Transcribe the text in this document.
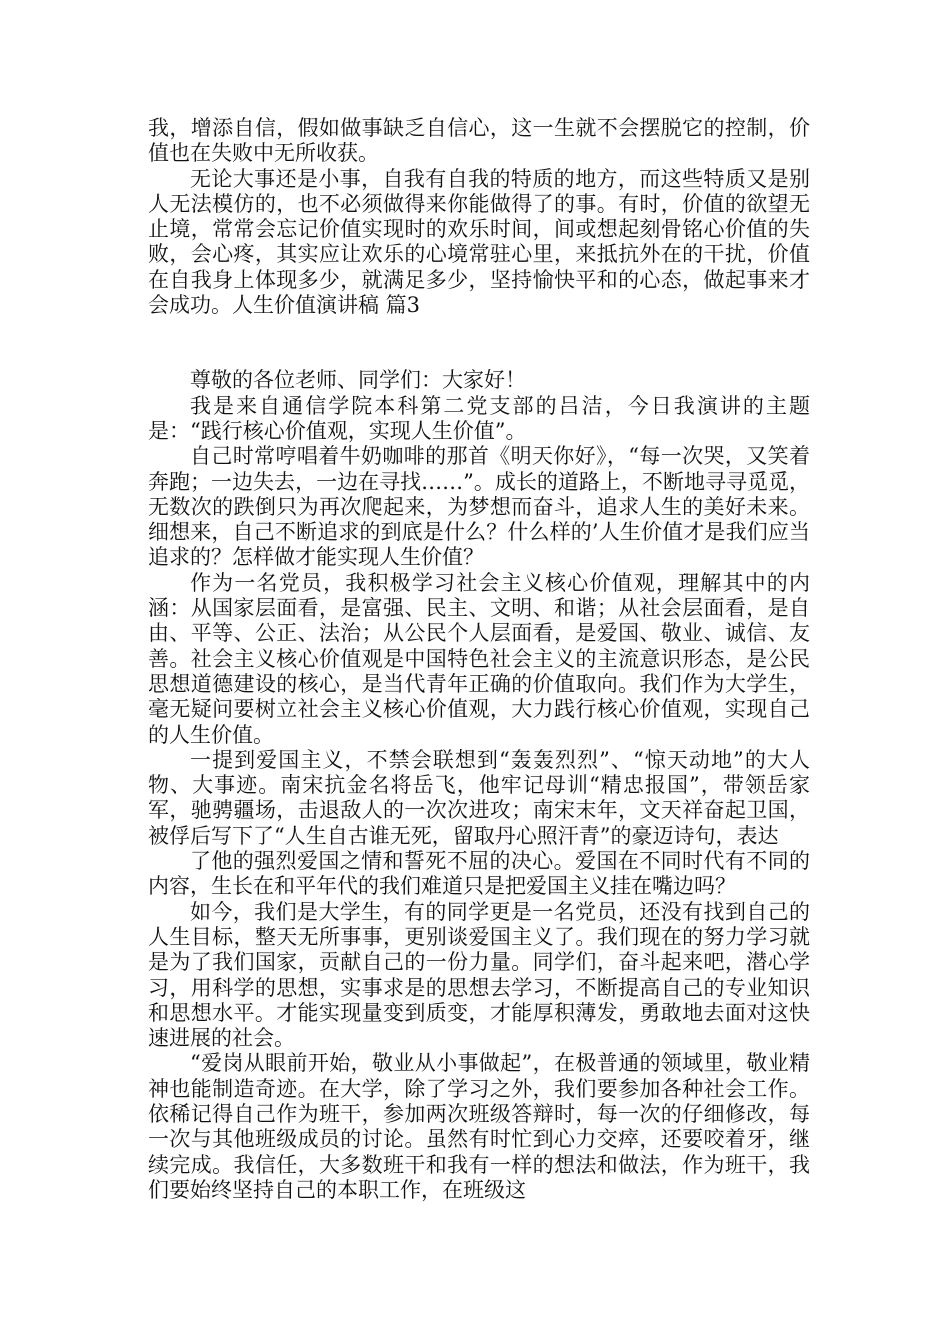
我，增添自信，假如做事缺乏自信心，这一生就不会摆脱它的控制，价值也在失败中无所收获。

无论大事还是小事，自我有自我的特质的地方，而这些特质又是别人无法模仿的，也不必须做得来你能做得了的事。有时，价值的欲望无止境，常常会忘记价值实现时的欢乐时间，间或想起刻骨铭心价值的失败，会心疼，其实应让欢乐的心境常驻心里，来抵抗外在的干扰，价值在自我身上体现多少，就满足多少，坚持愉快平和的心态，做起事来才会成功。人生价值演讲稿 篇3

尊敬的各位老师、同学们：大家好！

我是来自通信学院本科第二党支部的吕洁，今日我演讲的主题是：“践行核心价值观，实现人生价值”。

自己时常哼唱着牛奶咖啡的那首《明天你好》，“每一次哭，又笑着奔跑；一边失去，一边在寻找……”。成长的道路上，不断地寻寻觅觅，无数次的跌倒只为再次爬起来，为梦想而奋斗，追求人生的美好未来。细想来，自己不断追求的到底是什么？什么样的’人生价值才是我们应当追求的？怎样做才能实现人生价值？

作为一名党员，我积极学习社会主义核心价值观，理解其中的内涵：从国家层面看，是富强、民主、文明、和谐；从社会层面看，是自由、平等、公正、法治；从公民个人层面看，是爱国、敬业、诚信、友善。社会主义核心价值观是中国特色社会主义的主流意识形态，是公民思想道德建设的核心，是当代青年正确的价值取向。我们作为大学生，毫无疑问要树立社会主义核心价值观，大力践行核心价值观，实现自己的人生价值。

一提到爱国主义，不禁会联想到“轰轰烈烈”、“惊天动地”的大人物、大事迹。南宋抗金名将岳飞，他牢记母训“精忠报国”，带领岳家军，驰骋疆场，击退敌人的一次次进攻；南宋末年，文天祥奋起卫国，被俘后写下了“人生自古谁无死，留取丹心照汗青”的豪迈诗句，表达

了他的强烈爱国之情和誓死不屈的决心。爱国在不同时代有不同的内容，生长在和平年代的我们难道只是把爱国主义挂在嘴边吗？

如今，我们是大学生，有的同学更是一名党员，还没有找到自己的人生目标，整天无所事事，更别谈爱国主义了。我们现在的努力学习就是为了我们国家，贡献自己的一份力量。同学们，奋斗起来吧，潜心学习，用科学的思想，实事求是的思想去学习，不断提高自己的专业知识和思想水平。才能实现量变到质变，才能厚积薄发，勇敢地去面对这快速进展的社会。

“爱岗从眼前开始，敬业从小事做起”，在极普通的领域里，敬业精神也能制造奇迹。在大学，除了学习之外，我们要参加各种社会工作。依稀记得自己作为班干，参加两次班级答辩时，每一次的仔细修改，每一次与其他班级成员的讨论。虽然有时忙到心力交瘁，还要咬着牙，继续完成。我信任，大多数班干和我有一样的想法和做法，作为班干，我们要始终坚持自己的本职工作，在班级这
